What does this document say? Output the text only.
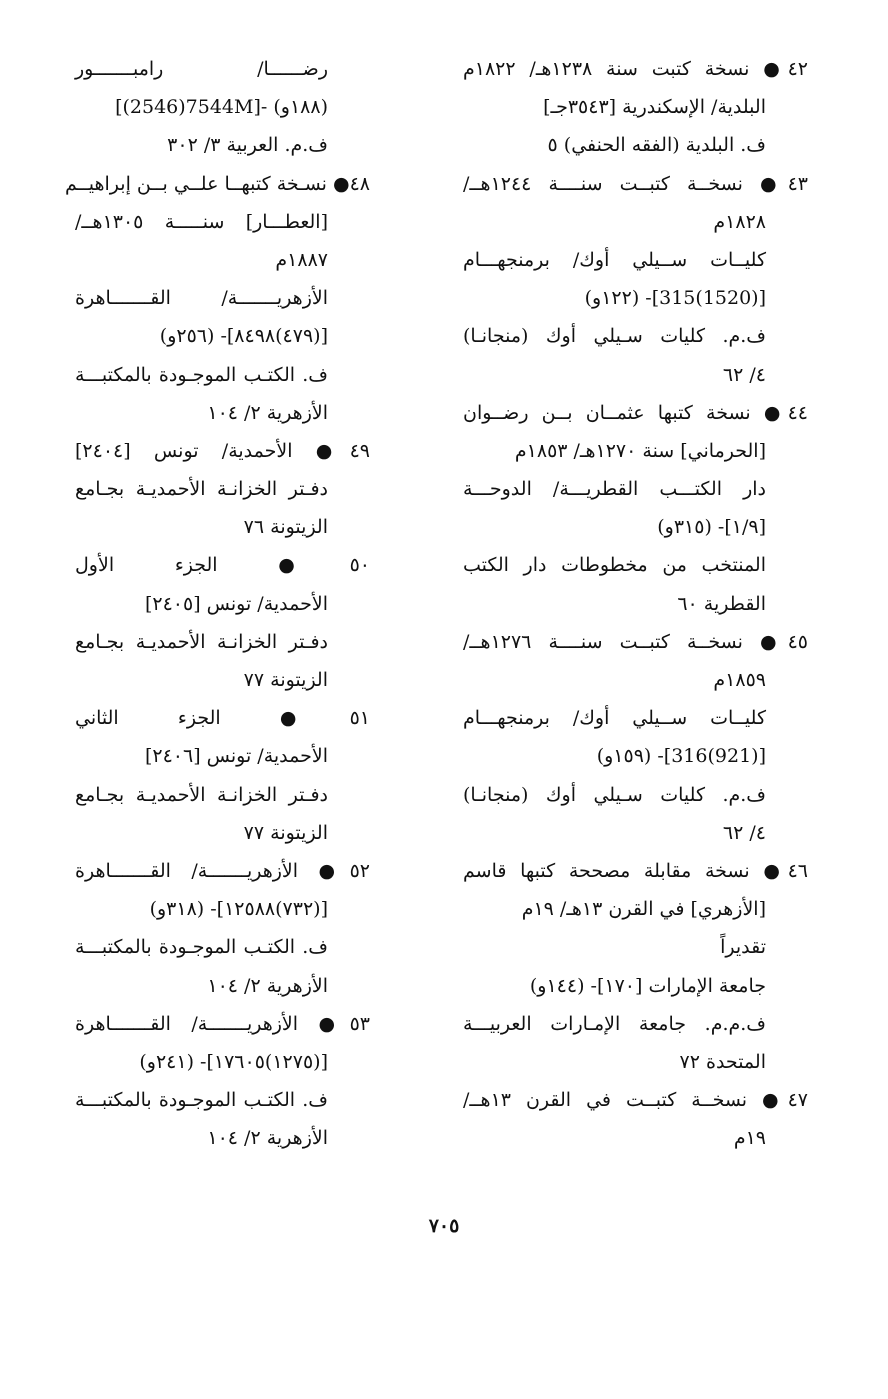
٤٢● نسخة كتبت سنة ١٢٣٨هـ/ ١٨٢٢م
البلدية/ الإسكندرية [٣٥٤٣جـ]
ف. البلدية (الفقه الحنفي) ٥
٤٣● نسخــة كتبــت سنــــة ١٢٤٤هــ/
١٨٢٨م
كليــات ســيلي أوك/ برمنجهـــام
[(1520)315]- (١٢٢و)
ف.م. كليات سـيلي أوك (منجانـا)
٤/ ٦٢
٤٤● نسخة كتبها عثمــان بــن رضــوان
[الحرماني] سنة ١٢٧٠هـ/ ١٨٥٣م
دار الكتـــب القطريـــة/ الدوحـــة
[١/٩]- (٣١٥و)
المنتخب من مخطوطات دار الكتب
القطرية ٦٠
٤٥● نسخــة كتبــت سنــــة ١٢٧٦هــ/
١٨٥٩م
كليــات ســيلي أوك/ برمنجهـــام
[(921)316]- (١٥٩و)
ف.م. كليات سـيلي أوك (منجانـا)
٤/ ٦٢
٤٦● نسخة مقابلة مصححة كتبها قاسم
[الأزهري] في القرن ١٣هـ/ ١٩م
تقديراً
جامعة الإمارات [١٧٠]- (١٤٤و)
ف.م.م. جامعة الإمـارات العربيـــة
المتحدة ٧٢
٤٧● نسخــة كتبــت في القرن ١٣هــ/
١٩م
رضــــــا/ رامبـــــــور
[(2546)7544M]- (١٨٨و)
ف.م. العربية ٣/ ٣٠٢
٤٨● نسـخة كتبهــا علــي بــن إبراهيــم
[العطـــار] سنـــــة ١٣٠٥هــ/
١٨٨٧م
الأزهريـــــــة/ القـــــــاهرة
[(٤٧٩)٨٤٩٨]- (٢٥٦و)
ف. الكتـب الموجـودة بالمكتبـــة
الأزهرية ٢/ ١٠٤
٤٩● الأحمدية/ تونس [٢٤٠٤]
دفـتر الخزانـة الأحمديـة بجـامع
الزيتونة ٧٦
٥٠● الجزء الأول
الأحمدية/ تونس [٢٤٠٥]
دفـتر الخزانـة الأحمديـة بجـامع
الزيتونة ٧٧
٥١● الجزء الثاني
الأحمدية/ تونس [٢٤٠٦]
دفـتر الخزانـة الأحمديـة بجـامع
الزيتونة ٧٧
٥٢● الأزهريـــــــة/ القـــــــاهرة
[(٧٣٢)١٢٥٨٨]- (٣١٨و)
ف. الكتـب الموجـودة بالمكتبـــة
الأزهرية ٢/ ١٠٤
٥٣● الأزهريـــــــة/ القـــــــاهرة
[(١٢٧٥)١٧٦٠٥]- (٢٤١و)
ف. الكتـب الموجـودة بالمكتبـــة
الأزهرية ٢/ ١٠٤
٧٠٥
